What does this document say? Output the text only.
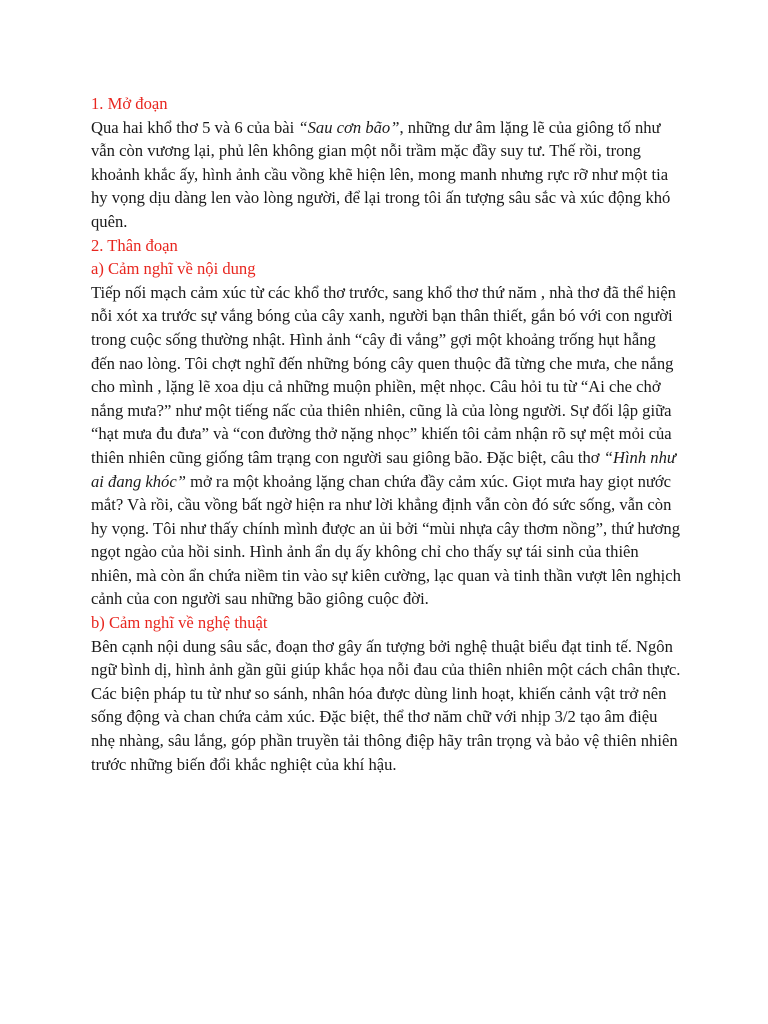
1. Mở đoạn

Qua hai khổ thơ 5 và 6 của bài “Sau cơn bão”, những dư âm lặng lẽ của giông tố như vẫn còn vương lại, phủ lên không gian một nỗi trầm mặc đầy suy tư. Thế rồi, trong khoảnh khắc ấy, hình ảnh cầu vồng khẽ hiện lên, mong manh nhưng rực rỡ như một tia hy vọng dịu dàng len vào lòng người, để lại trong tôi ấn tượng sâu sắc và xúc động khó quên.

2. Thân đoạn

a) Cảm nghĩ về nội dung

Tiếp nối mạch cảm xúc từ các khổ thơ trước, sang khổ thơ thứ năm , nhà thơ đã thể hiện nỗi xót xa trước sự vắng bóng của cây xanh, người bạn thân thiết, gắn bó với con người trong cuộc sống thường nhật. Hình ảnh “cây đi vắng” gợi một khoảng trống hụt hẫng đến nao lòng. Tôi chợt nghĩ đến những bóng cây quen thuộc đã từng che mưa, che nắng cho mình , lặng lẽ xoa dịu cả những muộn phiền, mệt nhọc. Câu hỏi tu từ “Ai che chở nắng mưa?” như một tiếng nấc của thiên nhiên, cũng là của lòng người. Sự đối lập giữa “hạt mưa đu đưa” và “con đường thở nặng nhọc” khiến tôi cảm nhận rõ sự mệt mỏi của thiên nhiên cũng giống tâm trạng con người sau giông bão. Đặc biệt, câu thơ “Hình như ai đang khóc” mở ra một khoảng lặng chan chứa đầy cảm xúc. Giọt mưa hay giọt nước mắt? Và rồi, cầu vồng bất ngờ hiện ra như lời khẳng định vẫn còn đó sức sống, vẫn còn hy vọng. Tôi như thấy chính mình được an ủi bởi “mùi nhựa cây thơm nồng”, thứ hương ngọt ngào của hồi sinh. Hình ảnh ẩn dụ ấy không chỉ cho thấy sự tái sinh của thiên nhiên, mà còn ẩn chứa niềm tin vào sự kiên cường, lạc quan và tinh thần vượt lên nghịch cảnh của con người sau những bão giông cuộc đời.

b) Cảm nghĩ về nghệ thuật

Bên cạnh nội dung sâu sắc, đoạn thơ gây ấn tượng bởi nghệ thuật biểu đạt tinh tế. Ngôn ngữ bình dị, hình ảnh gần gũi giúp khắc họa nỗi đau của thiên nhiên một cách chân thực. Các biện pháp tu từ như so sánh, nhân hóa được dùng linh hoạt, khiến cảnh vật trở nên sống động và chan chứa cảm xúc. Đặc biệt, thể thơ năm chữ với nhịp 3/2 tạo âm điệu nhẹ nhàng, sâu lắng, góp phần truyền tải thông điệp hãy trân trọng và bảo vệ thiên nhiên trước những biến đổi khắc nghiệt của khí hậu.
